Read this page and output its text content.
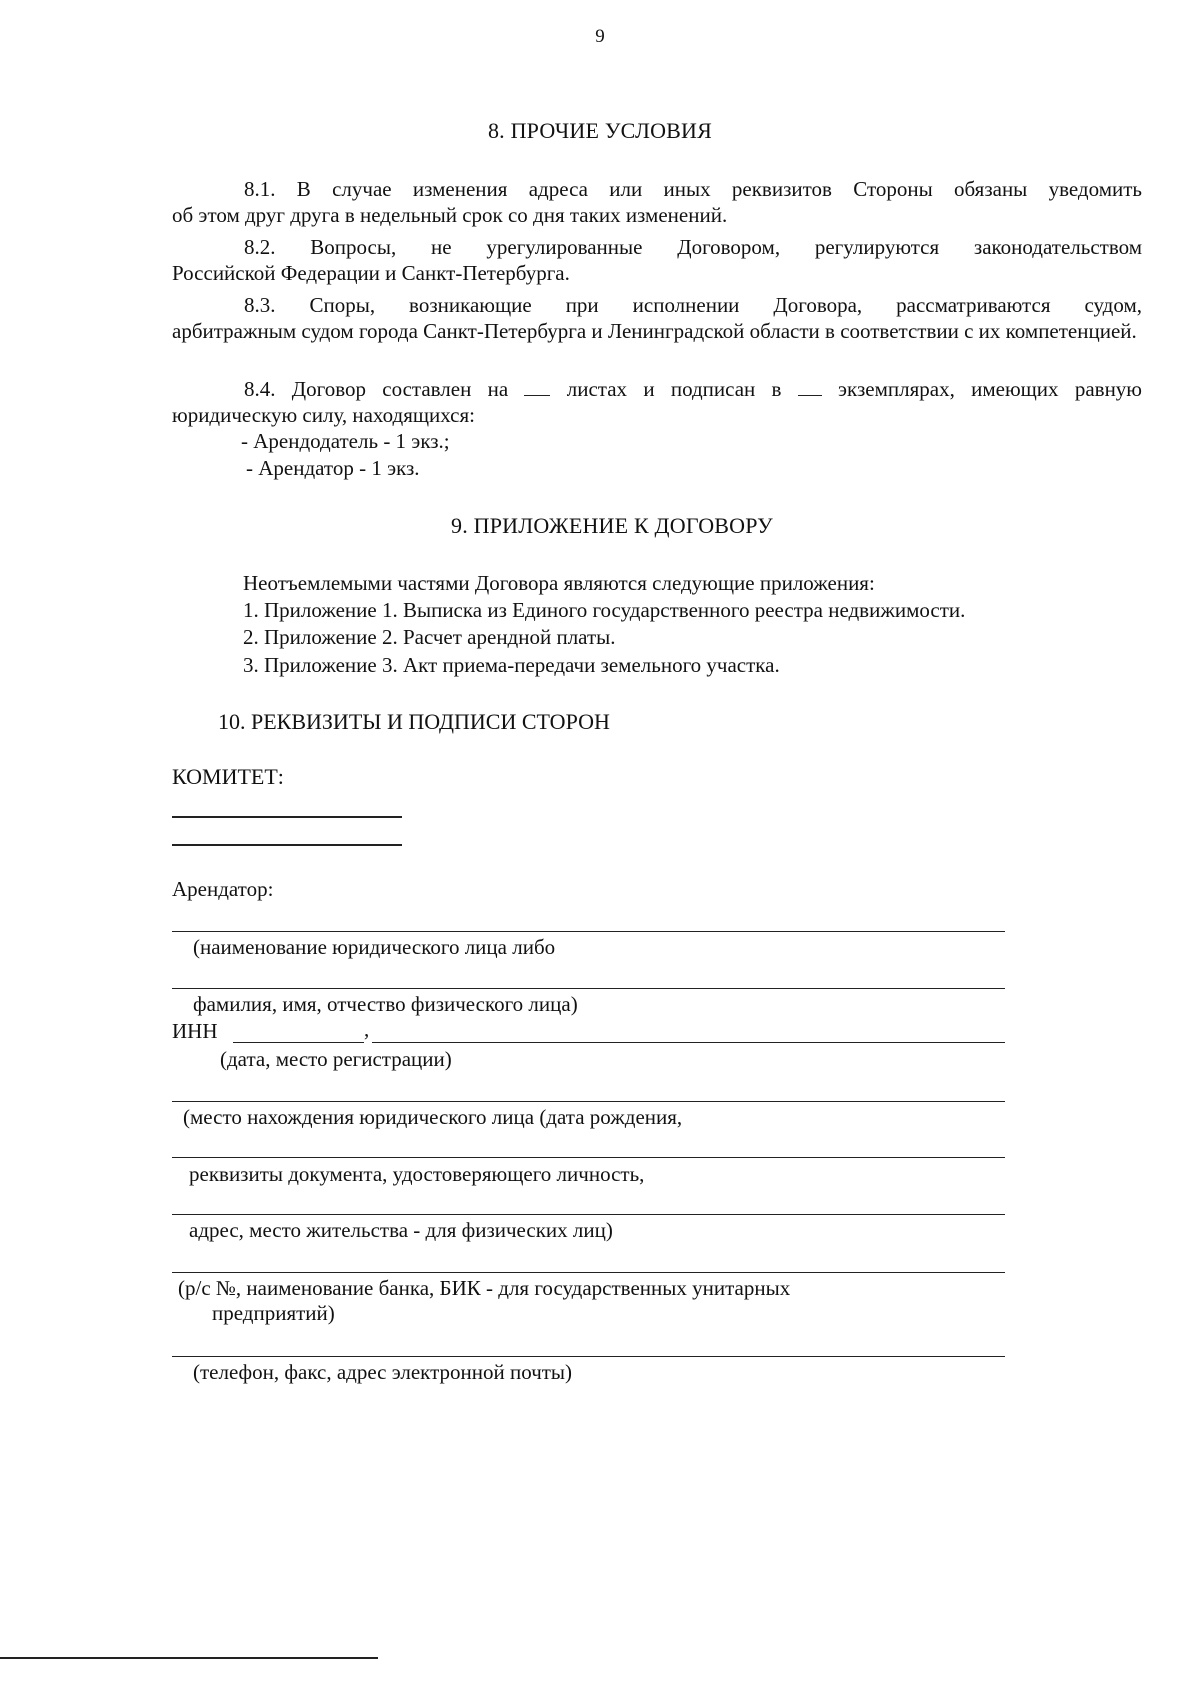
9
8. ПРОЧИЕ УСЛОВИЯ
8.1. В случае изменения адреса или иных реквизитов Стороны обязаны уведомить
об этом друг друга в недельный срок со дня таких изменений.
8.2. Вопросы, не урегулированные Договором, регулируются законодательством
Российской Федерации и Санкт-Петербурга.
8.3. Споры, возникающие при исполнении Договора, рассматриваются судом,
арбитражным судом города Санкт-Петербурга и Ленинградской области в соответствии с их компетенцией.
8.4. Договор составлен на	листах и подписан в	экземплярах, имеющих равную
юридическую силу, находящихся:
- Арендодатель - 1 экз.;
- Арендатор - 1 экз.
9. ПРИЛОЖЕНИЕ К ДОГОВОРУ
Неотъемлемыми частями Договора являются следующие приложения:
1. Приложение 1. Выписка из Единого государственного реестра недвижимости.
2. Приложение 2. Расчет арендной платы.
3. Приложение 3. Акт приема-передачи земельного участка.
10. РЕКВИЗИТЫ И ПОДПИСИ СТОРОН
КОМИТЕТ:
Арендатор:
(наименование юридического лица либо
фамилия, имя, отчество физического лица)
ИНН	,
(дата, место регистрации)
(место нахождения юридического лица (дата рождения,
реквизиты документа, удостоверяющего личность,
адрес, место жительства - для физических лиц)
(р/с №, наименование банка, БИК - для государственных унитарных
предприятий)
(телефон, факс, адрес электронной почты)
